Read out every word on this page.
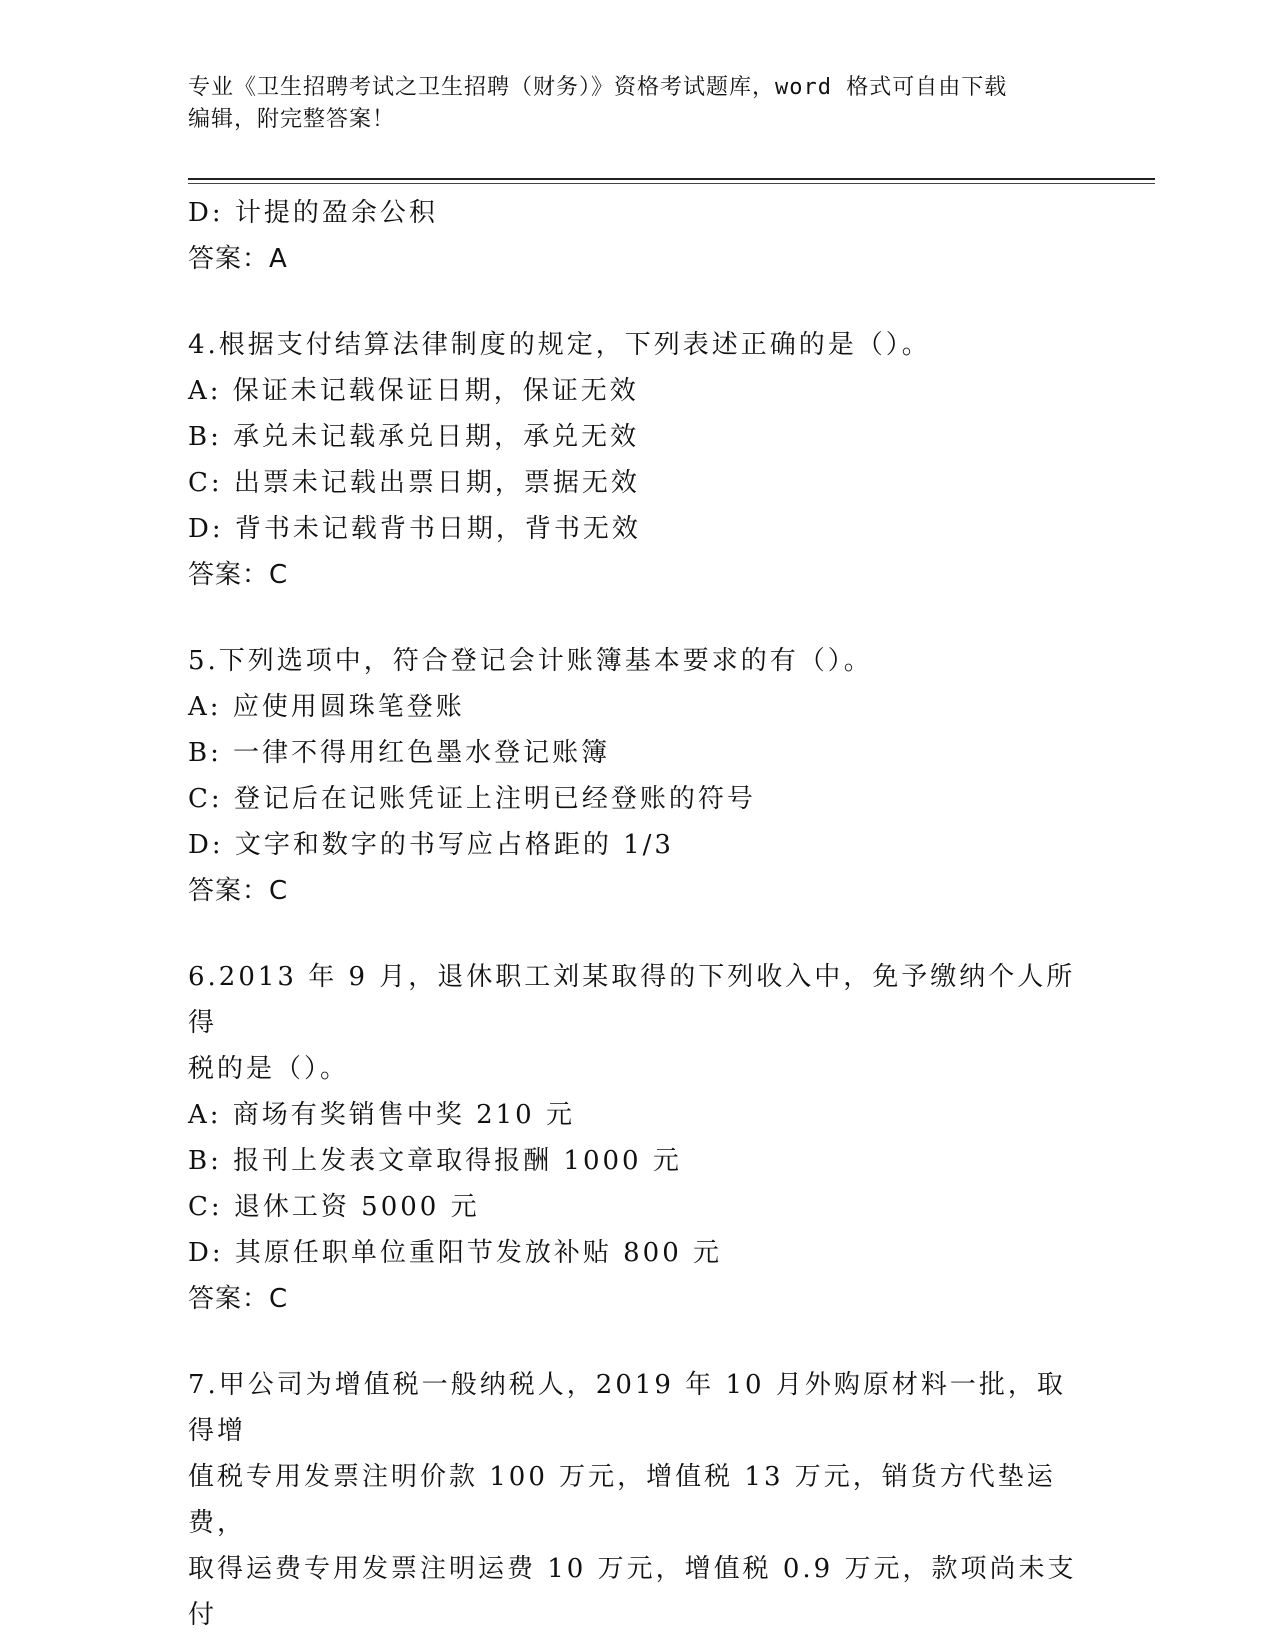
专业《卫生招聘考试之卫生招聘（财务）》资格考试题库，word 格式可自由下载
编辑，附完整答案！
D: 计提的盈余公积
答案：A
4.根据支付结算法律制度的规定，下列表述正确的是（）。
A: 保证未记载保证日期，保证无效
B: 承兑未记载承兑日期，承兑无效
C: 出票未记载出票日期，票据无效
D: 背书未记载背书日期，背书无效
答案：C
5.下列选项中，符合登记会计账簿基本要求的有（）。
A: 应使用圆珠笔登账
B: 一律不得用红色墨水登记账簿
C: 登记后在记账凭证上注明已经登账的符号
D: 文字和数字的书写应占格距的 1/3
答案：C
6.2013 年 9 月，退休职工刘某取得的下列收入中，免予缴纳个人所得
税的是（）。
A: 商场有奖销售中奖 210 元
B: 报刊上发表文章取得报酬 1000 元
C: 退休工资 5000 元
D: 其原任职单位重阳节发放补贴 800 元
答案：C
7.甲公司为增值税一般纳税人，2019 年 10 月外购原材料一批，取得增
值税专用发票注明价款 100 万元，增值税 13 万元，销货方代垫运费，
取得运费专用发票注明运费 10 万元，增值税 0.9 万元，款项尚未支付
